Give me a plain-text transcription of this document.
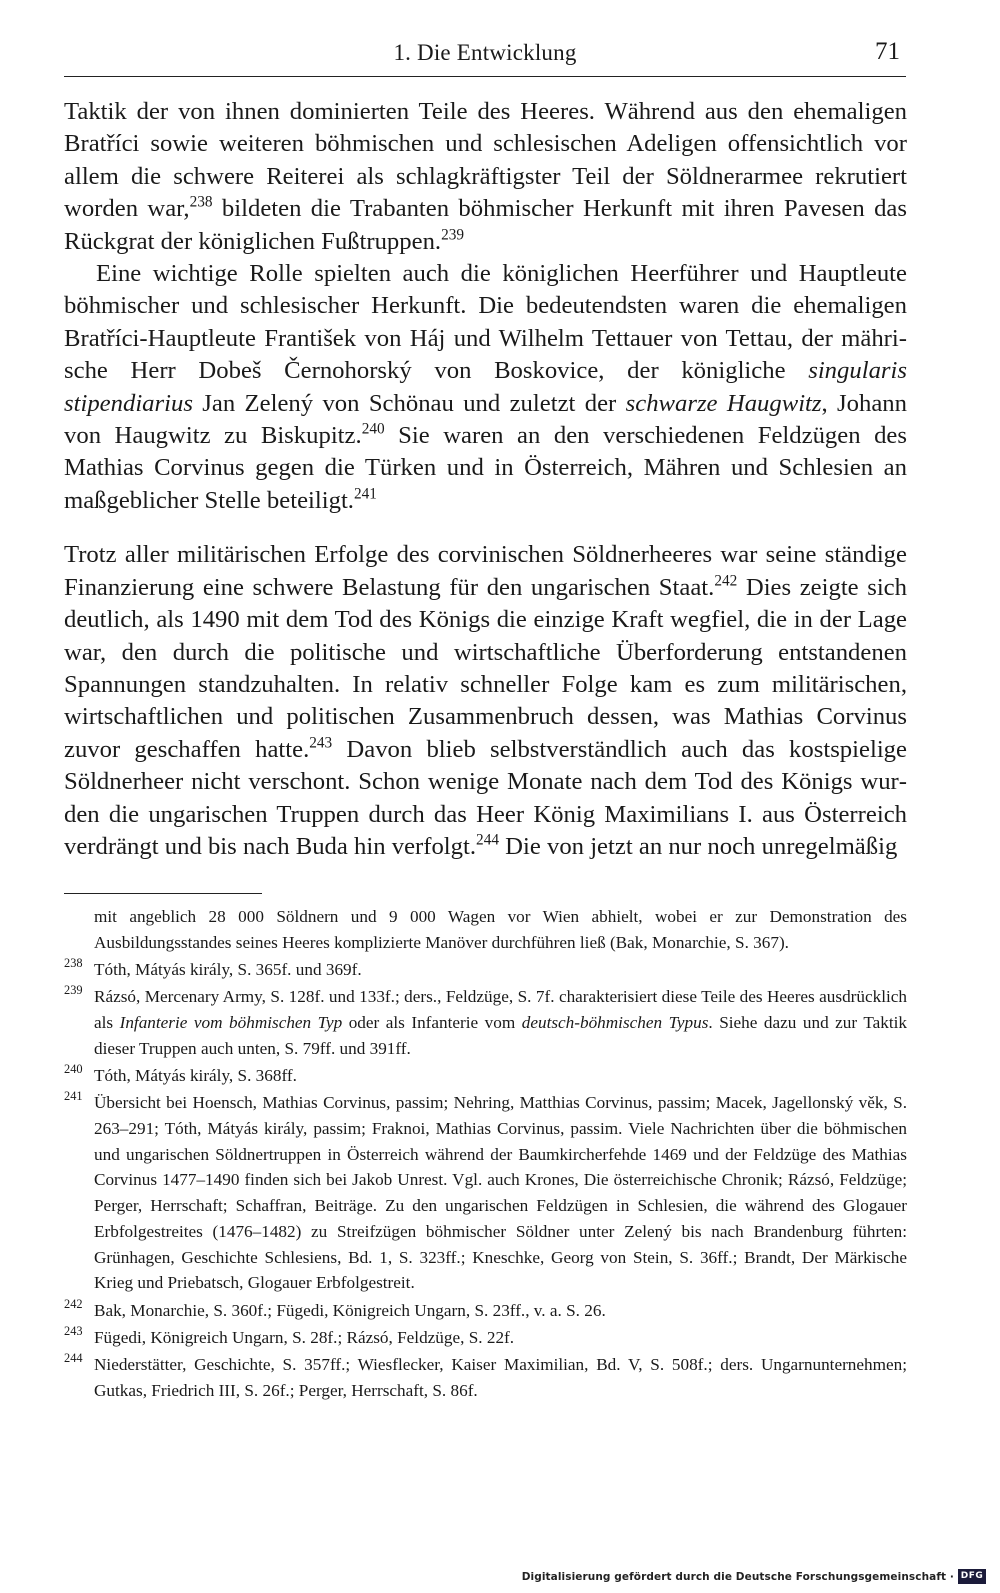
1. Die Entwicklung	71

Taktik der von ihnen dominierten Teile des Heeres. Während aus den ehemaligen Bratříci sowie weiteren böhmischen und schlesischen Adeligen offensichtlich vor allem die schwere Reiterei als schlagkräftigster Teil der Söldnerarmee rekrutiert worden war,$^{238}$ bildeten die Trabanten böhmischer Herkunft mit ihren Pavesen das Rückgrat der königlichen Fußtruppen.$^{239}$

Eine wichtige Rolle spielten auch die königlichen Heerführer und Hauptleute böhmischer und schlesischer Herkunft. Die bedeutendsten waren die ehemaligen Bratříci-Hauptleute František von Háj und Wilhelm Tettauer von Tettau, der mährische Herr Dobeš Černohorský von Boskovice, der königliche singularis stipendiarius Jan Zelený von Schönau und zuletzt der schwarze Haugwitz, Johann von Haugwitz zu Biskupitz.$^{240}$ Sie waren an den verschiedenen Feldzügen des Mathias Corvinus gegen die Türken und in Österreich, Mähren und Schlesien an maßgeblicher Stelle beteiligt.$^{241}$

Trotz aller militärischen Erfolge des corvinischen Söldnerheeres war seine ständige Finanzierung eine schwere Belastung für den ungarischen Staat.$^{242}$ Dies zeigte sich deutlich, als 1490 mit dem Tod des Königs die einzige Kraft wegfiel, die in der Lage war, den durch die politische und wirtschaftliche Überforderung entstandenen Spannungen standzuhalten. In relativ schneller Folge kam es zum militärischen, wirtschaftlichen und politischen Zusammenbruch dessen, was Mathias Corvinus zuvor geschaffen hatte.$^{243}$ Davon blieb selbstverständlich auch das kostspielige Söldnerheer nicht verschont. Schon wenige Monate nach dem Tod des Königs wurden die ungarischen Truppen durch das Heer König Maximilians I. aus Österreich verdrängt und bis nach Buda hin verfolgt.$^{244}$ Die von jetzt an nur noch unregelmäßig

mit angeblich 28 000 Söldnern und 9 000 Wagen vor Wien abhielt, wobei er zur Demonstration des Ausbildungsstandes seines Heeres komplizierte Manöver durchführen ließ (Bak, Monarchie, S. 367).
238 Tóth, Mátyás király, S. 365f. und 369f.
239 Rázsó, Mercenary Army, S. 128f. und 133f.; ders., Feldzüge, S. 7f. charakterisiert diese Teile des Heeres ausdrücklich als Infanterie vom böhmischen Typ oder als Infanterie vom deutsch-böhmischen Typus. Siehe dazu und zur Taktik dieser Truppen auch unten, S. 79ff. und 391ff.
240 Tóth, Mátyás király, S. 368ff.
241 Übersicht bei Hoensch, Mathias Corvinus, passim; Nehring, Matthias Corvinus, passim; Macek, Jagellonský věk, S. 263–291; Tóth, Mátyás király, passim; Fraknoi, Mathias Corvinus, passim. Viele Nachrichten über die böhmischen und ungarischen Söldnertruppen in Österreich während der Baumkircherfehde 1469 und der Feldzüge des Mathias Corvinus 1477–1490 finden sich bei Jakob Unrest. Vgl. auch Krones, Die österreichische Chronik; Rázsó, Feldzüge; Perger, Herrschaft; Schaffran, Beiträge. Zu den ungarischen Feldzügen in Schlesien, die während des Glogauer Erbfolgestreites (1476–1482) zu Streifzügen böhmischer Söldner unter Zelený bis nach Brandenburg führten: Grünhagen, Geschichte Schlesiens, Bd. 1, S. 323ff.; Kneschke, Georg von Stein, S. 36ff.; Brandt, Der Märkische Krieg und Priebatsch, Glogauer Erbfolgestreit.
242 Bak, Monarchie, S. 360f.; Fügedi, Königreich Ungarn, S. 23ff., v. a. S. 26.
243 Fügedi, Königreich Ungarn, S. 28f.; Rázsó, Feldzüge, S. 22f.
244 Niederstätter, Geschichte, S. 357ff.; Wiesflecker, Kaiser Maximilian, Bd. V, S. 508f.; ders. Ungarnunternehmen; Gutkas, Friedrich III, S. 26f.; Perger, Herrschaft, S. 86f.
Digitalisierung gefördert durch die Deutsche Forschungsgemeinschaft · DFG
